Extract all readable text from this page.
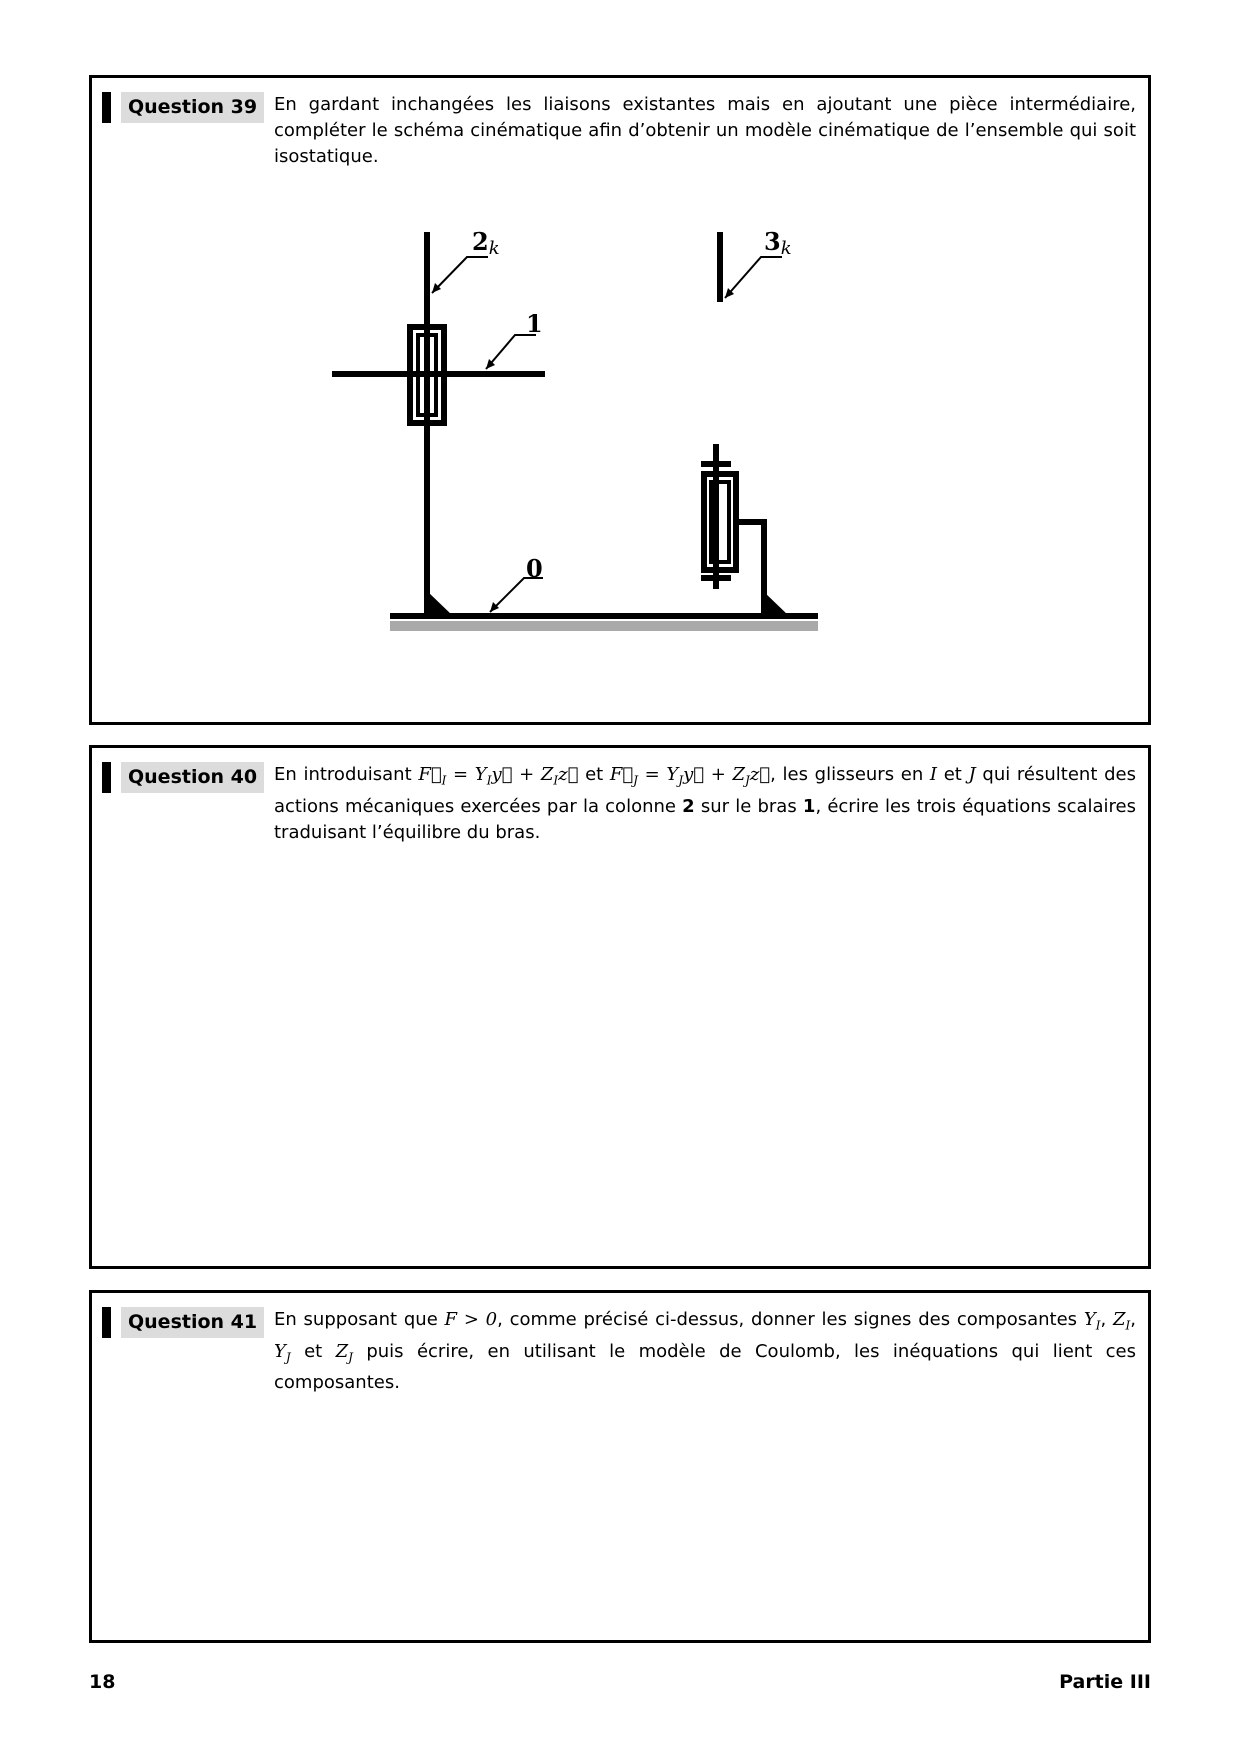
Question 39 En gardant inchangées les liaisons existantes mais en ajoutant une pièce intermédiaire, compléter le schéma cinématique afin d’obtenir un modèle cinématique de l’ensemble qui soit isostatique.
2k	3k
1
0
Question 40 En introduisant $F⃗_I$ = $Y_Iy⃗$ + $Z_Iz⃗$ et $F⃗_J$ = $Y_Jy⃗$ + $Z_Jz⃗$, les glisseurs en I et J qui résultent des actions mécaniques exercées par la colonne 2 sur le bras 1, écrire les trois équations scalaires traduisant l’équilibre du bras.
Question 41 En supposant que F > 0, comme précisé ci-dessus, donner les signes des composantes $Y_I$, $Z_I$, $Y_J$ et $Z_J$ puis écrire, en utilisant le modèle de Coulomb, les inéquations qui lient ces composantes.
18	Partie III
